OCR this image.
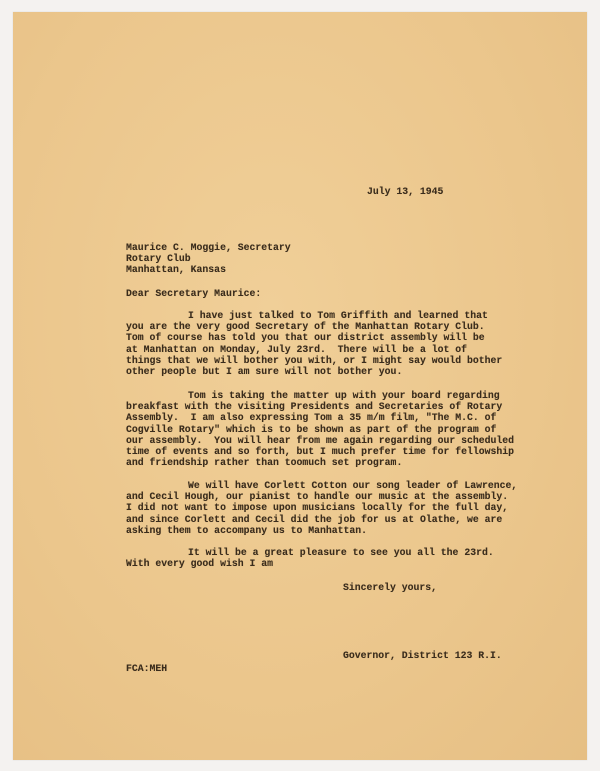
July 13, 1945
Maurice C. Moggie, Secretary
Rotary Club
Manhattan, Kansas
Dear Secretary Maurice:
I have just talked to Tom Griffith and learned that
you are the very good Secretary of the Manhattan Rotary Club.
Tom of course has told you that our district assembly will be
at Manhattan on Monday, July 23rd.  There will be a lot of
things that we will bother you with, or I might say would bother
other people but I am sure will not bother you.
Tom is taking the matter up with your board regarding
breakfast with the visiting Presidents and Secretaries of Rotary
Assembly.  I am also expressing Tom a 35 m/m film, "The M.C. of
Cogville Rotary" which is to be shown as part of the program of
our assembly.  You will hear from me again regarding our scheduled
time of events and so forth, but I much prefer time for fellowship
and friendship rather than toomuch set program.
We will have Corlett Cotton our song leader of Lawrence,
and Cecil Hough, our pianist to handle our music at the assembly.
I did not want to impose upon musicians locally for the full day,
and since Corlett and Cecil did the job for us at Olathe, we are
asking them to accompany us to Manhattan.
It will be a great pleasure to see you all the 23rd.
With every good wish I am
Sincerely yours,
Governor, District 123 R.I.
FCA:MEH
